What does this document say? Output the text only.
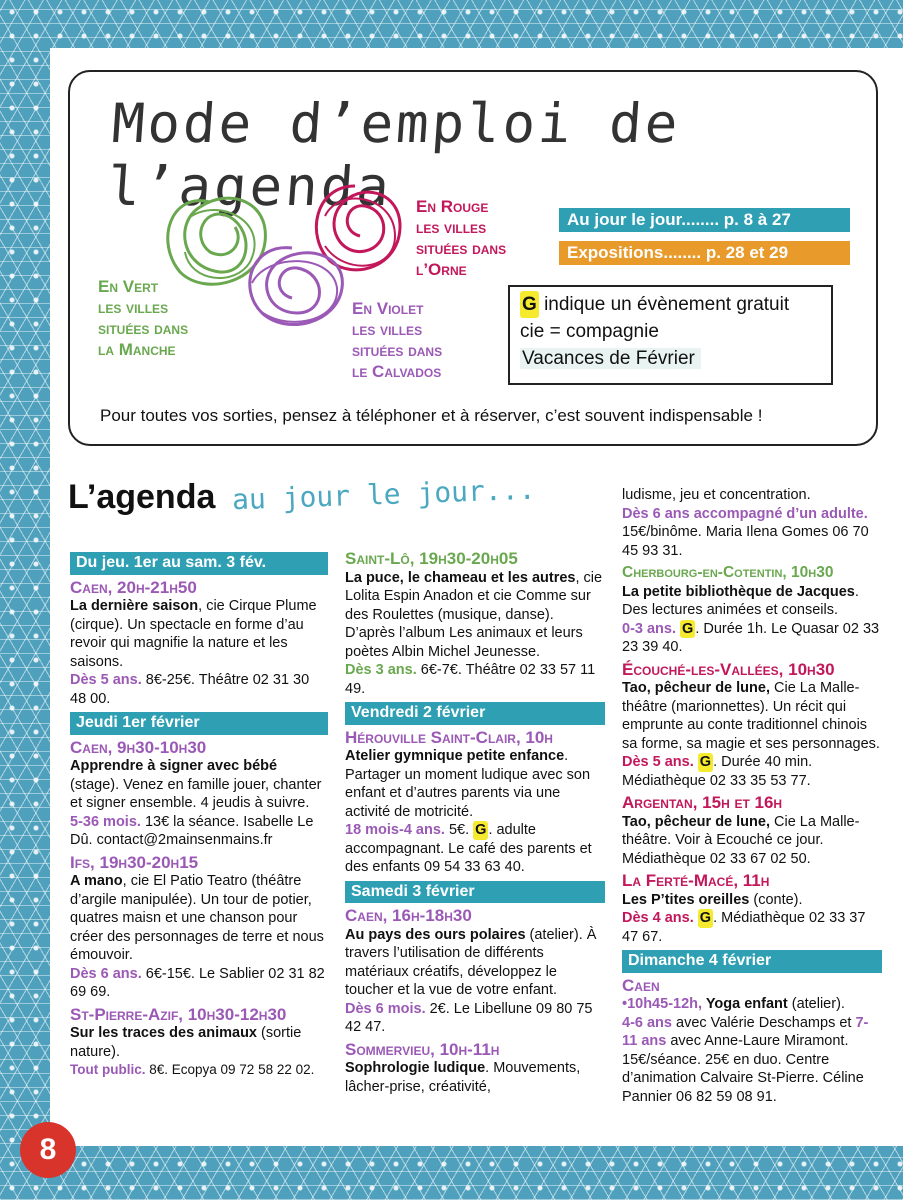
Mode d’emploi de l’agenda	En Rouge
les villes
situées dans
l’Orne
En Vert
les villes
situées dans
la Manche
En Violet
les villes
situées dans
le Calvados
Au jour le jour........ p. 8 à 27
Expositions........ p. 28 et 29
G indique un évènement gratuit
cie = compagnie
Vacances de Février
Pour toutes vos sorties, pensez à téléphoner et à réserver, c’est souvent indispensable !
L’agenda au jour le jour...
Du jeu. 1er au sam. 3 fév.
Caen, 20h-21h50
La dernière saison, cie Cirque Plume (cirque). Un spectacle en forme d’au revoir qui magnifie la nature et les saisons.
Dès 5 ans. 8€-25€. Théâtre 02 31 30 48 00.
Jeudi 1er février
Caen, 9h30-10h30
Apprendre à signer avec bébé (stage). Venez en famille jouer, chanter et signer ensemble. 4 jeudis à suivre.
5-36 mois. 13€ la séance. Isabelle Le Dû. contact@2mainsenmains.fr
Ifs, 19h30-20h15
A mano, cie El Patio Teatro (théâtre d’argile manipulée). Un tour de potier, quatres maisn et une chanson pour créer des personnages de terre et nous émouvoir.
Dès 6 ans. 6€-15€. Le Sablier 02 31 82 69 69.
St-Pierre-Azif, 10h30-12h30
Sur les traces des animaux (sortie nature).
Tout public. 8€. Ecopya 09 72 58 22 02.
Saint-Lô, 19h30-20h05
La puce, le chameau et les autres, cie Lolita Espin Anadon et cie Comme sur des Roulettes (musique, danse). D’après l’album Les animaux et leurs poètes Albin Michel Jeunesse.
Dès 3 ans. 6€-7€. Théâtre 02 33 57 11 49.
Vendredi 2 février
Hérouville Saint-Clair, 10h
Atelier gymnique petite enfance. Partager un moment ludique avec son enfant et d’autres parents via une activité de motricité.
18 mois-4 ans. 5€. G . adulte accompagnant. Le café des parents et des enfants 09 54 33 63 40.
Samedi 3 février
Caen, 16h-18h30
Au pays des ours polaires (atelier). À travers l’utilisation de différents matériaux créatifs, développez le toucher et la vue de votre enfant.
Dès 6 mois. 2€. Le Libellune 09 80 75 42 47.
Sommervieu, 10h-11h
Sophrologie ludique. Mouvements, lâcher-prise, créativité,
ludisme, jeu et concentration.
Dès 6 ans accompagné d’un adulte. 15€/binôme. Maria Ilena Gomes 06 70 45 93 31.
Cherbourg-en-Cotentin, 10h30
La petite bibliothèque de Jacques. Des lectures animées et conseils.
0-3 ans. G . Durée 1h. Le Quasar 02 33 23 39 40.
Écouché-les-Vallées, 10h30
Tao, pêcheur de lune, Cie La Malle-théâtre (marionnettes). Un récit qui emprunte au conte traditionnel chinois sa forme, sa magie et ses personnages.
Dès 5 ans. G . Durée 40 min. Médiathèque 02 33 35 53 77.
Argentan, 15h et 16h
Tao, pêcheur de lune, Cie La Malle-théâtre. Voir à Ecouché ce jour. Médiathèque 02 33 67 02 50.
La Ferté-Macé, 11h
Les P’tites oreilles (conte).
Dès 4 ans. G . Médiathèque 02 33 37 47 67.
Dimanche 4 février
Caen
•10h45-12h, Yoga enfant (atelier).
4-6 ans avec Valérie Deschamps et 7-11 ans avec Anne-Laure Miramont. 15€/séance. 25€ en duo. Centre d’animation Calvaire St-Pierre. Céline Pannier 06 82 59 08 91.
8
